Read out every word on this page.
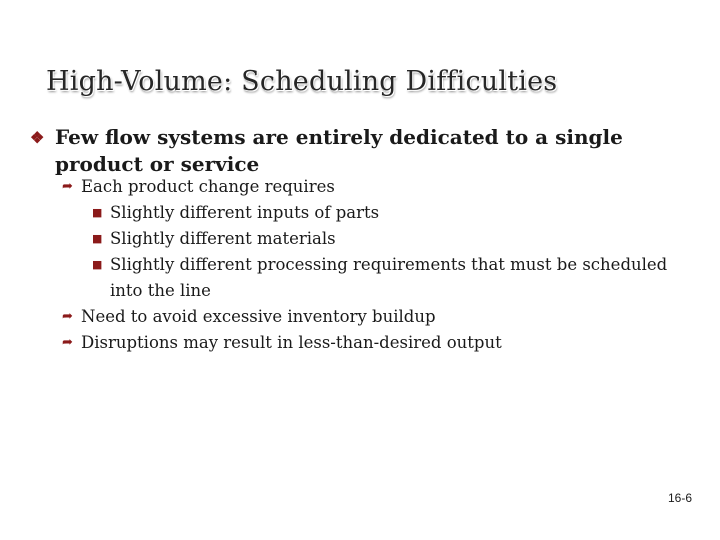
High-Volume: Scheduling Difficulties
❖ Few flow systems are entirely dedicated to a single product or service
➦ Each product change requires
■ Slightly different inputs of parts
■ Slightly different materials
■ Slightly different processing requirements that must be scheduled into the line
➦ Need to avoid excessive inventory buildup
➦ Disruptions may result in less-than-desired output
16-6
